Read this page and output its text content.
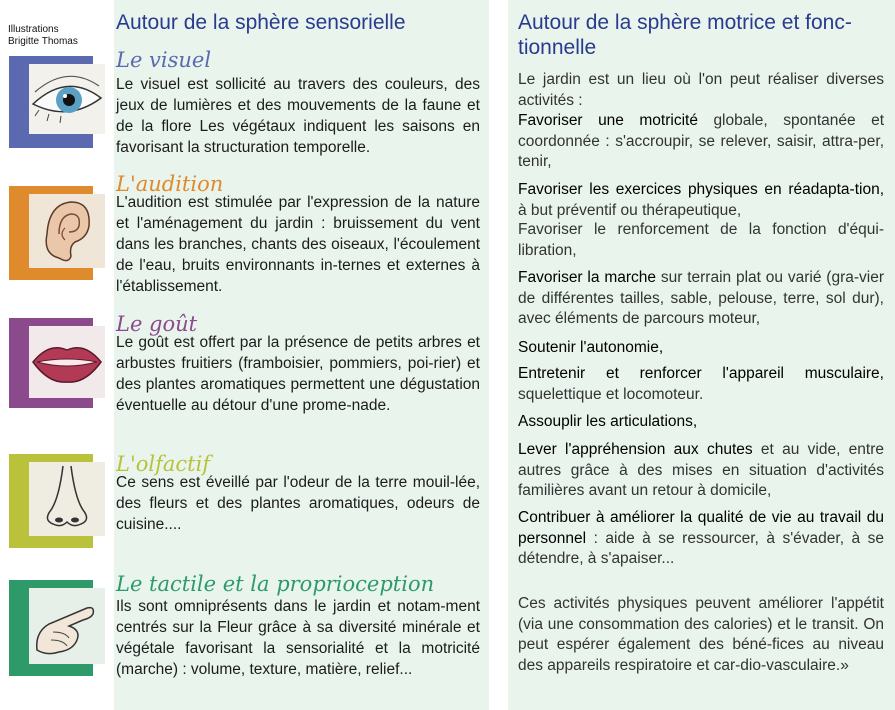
Illustrations
Brigitte Thomas
Autour de la sphère sensorielle
Le visuel
Le visuel est sollicité au travers des couleurs, des jeux de lumières et des mouvements de la faune et de la flore Les végétaux indiquent les saisons en favorisant la structuration temporelle.
L'audition
L'audition est stimulée par l'expression de la nature et l'aménagement du jardin : bruissement du vent dans les branches, chants des oiseaux, l'écoulement de l'eau, bruits environnants in-ternes et externes à l'établissement.
Le goût
Le goût est offert par la présence de petits arbres et arbustes fruitiers (framboisier, pommiers, poi-rier) et des plantes aromatiques permettent une dégustation éventuelle au détour d'une prome-nade.
L'olfactif
Ce sens est éveillé par l'odeur de la terre mouil-lée, des fleurs et des plantes aromatiques, odeurs de cuisine....
Le tactile et la proprioception
Ils sont omniprésents dans le jardin et notam-ment centrés sur la Fleur grâce à sa diversité minérale et végétale favorisant la sensorialité et la motricité (marche) : volume, texture, matière, relief...
Autour de la sphère motrice et fonc-tionnelle
Le jardin est un lieu où l'on peut réaliser diverses activités :
Favoriser une motricité globale, spontanée et coordonnée : s'accroupir, se relever, saisir, attra-per, tenir,
Favoriser les exercices physiques en réadapta-tion, à but préventif ou thérapeutique,
Favoriser le renforcement de la fonction d'équi-libration,
Favoriser la marche sur terrain plat ou varié (gra-vier de différentes tailles, sable, pelouse, terre, sol dur), avec éléments de parcours moteur,
Soutenir l'autonomie,
Entretenir et renforcer l'appareil musculaire, squelettique et locomoteur.
Assouplir les articulations,
Lever l'appréhension aux chutes et au vide, entre autres grâce à des mises en situation d'activités familières avant un retour à domicile,
Contribuer à améliorer la qualité de vie au travail du personnel : aide à se ressourcer, à s'évader, à se détendre, à s'apaiser...
Ces activités physiques peuvent améliorer l'appétit (via une consommation des calories) et le transit. On peut espérer également des béné-fices au niveau des appareils respiratoire et car-dio-vasculaire.»
